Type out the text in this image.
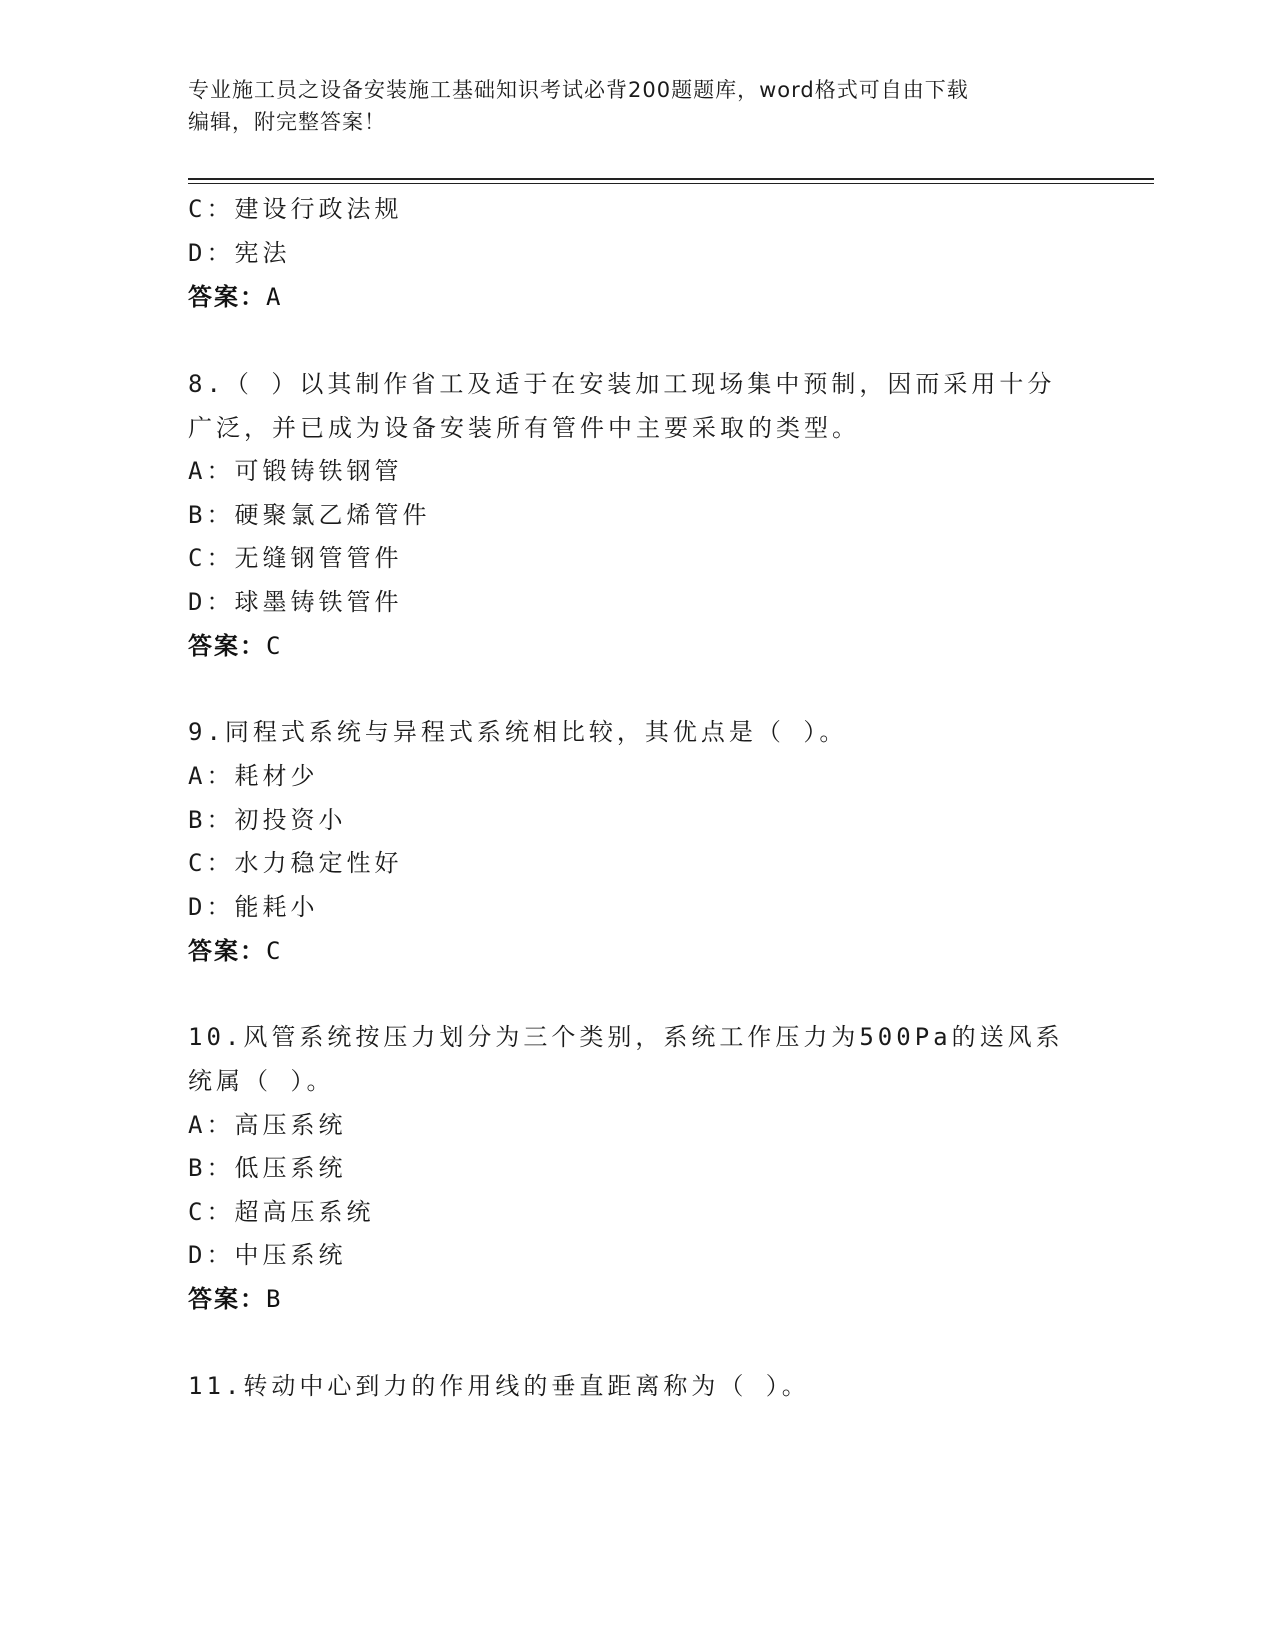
专业施工员之设备安装施工基础知识考试必背200题题库，word格式可自由下载
编辑，附完整答案！
C：建设行政法规
D：宪法
答案：A
8.（ ）以其制作省工及适于在安装加工现场集中预制，因而采用十分
广泛，并已成为设备安装所有管件中主要采取的类型。
A：可锻铸铁钢管
B：硬聚氯乙烯管件
C：无缝钢管管件
D：球墨铸铁管件
答案：C
9.同程式系统与异程式系统相比较，其优点是（ ）。
A：耗材少
B：初投资小
C：水力稳定性好
D：能耗小
答案：C
10.风管系统按压力划分为三个类别，系统工作压力为500Pa的送风系
统属（ ）。
A：高压系统
B：低压系统
C：超高压系统
D：中压系统
答案：B
11.转动中心到力的作用线的垂直距离称为（ ）。
